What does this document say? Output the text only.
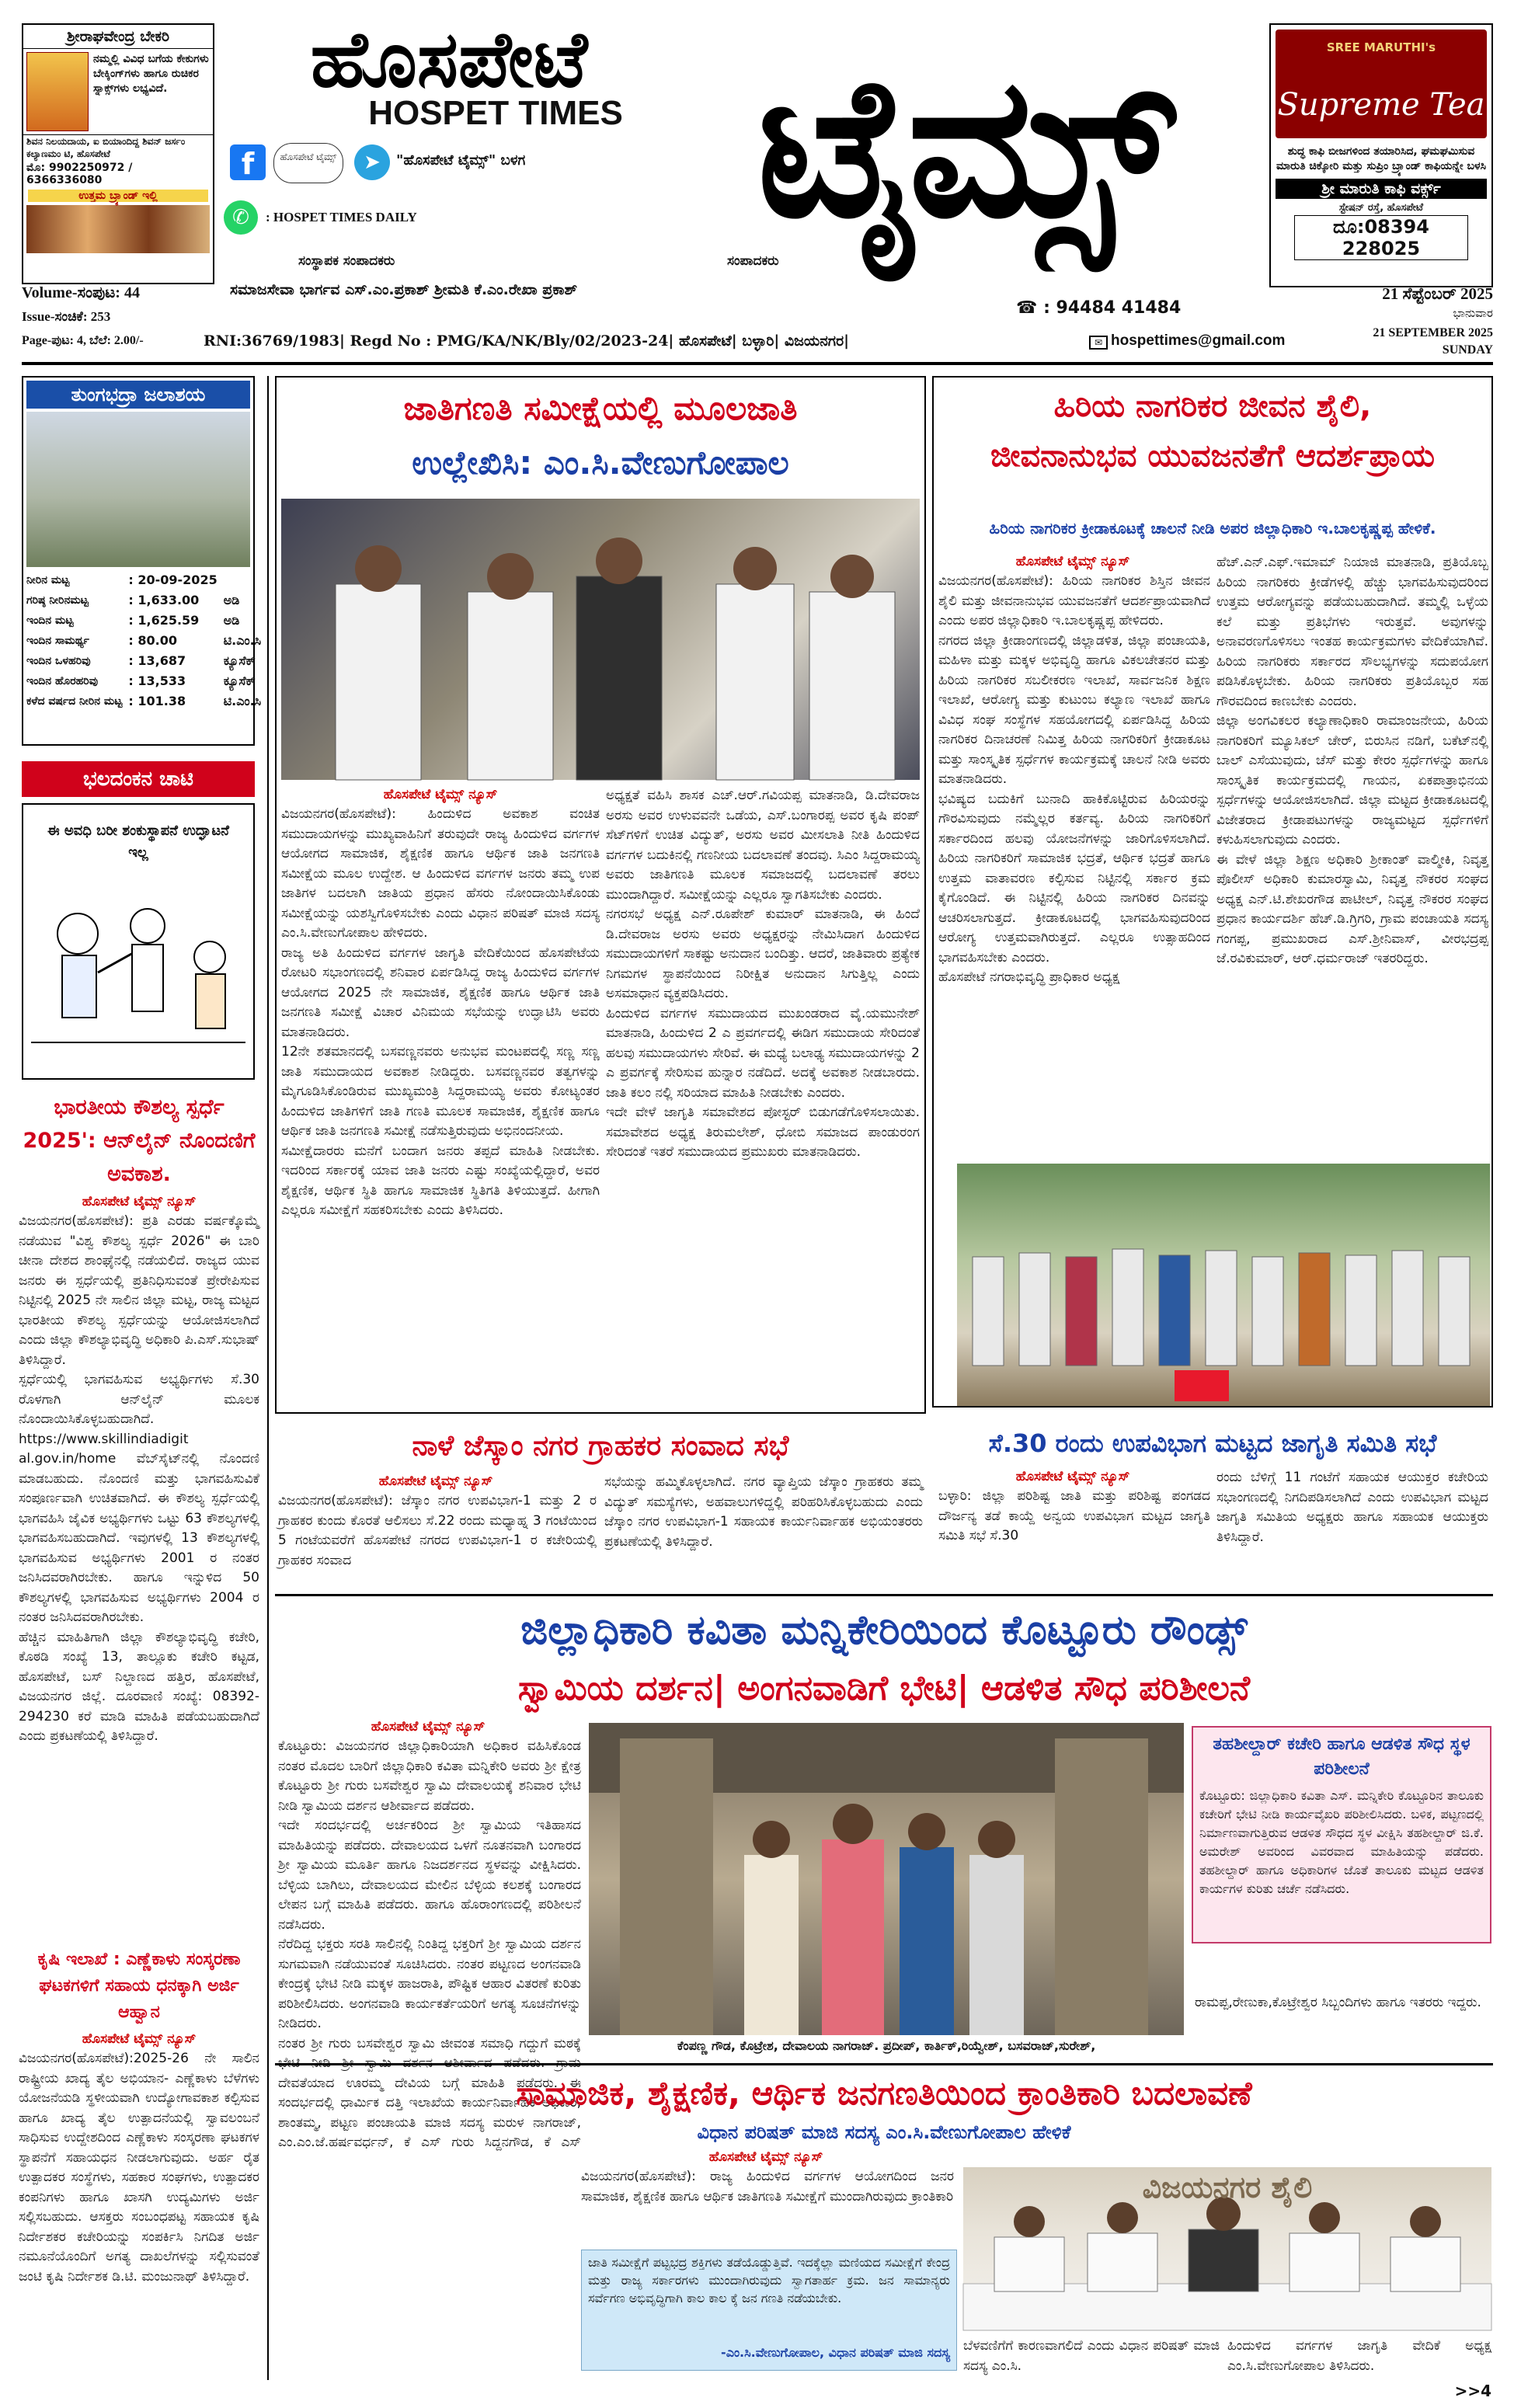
ಶ್ರೀರಾಘವೇಂದ್ರ ಬೇಕರಿ
ನಮ್ಮಲ್ಲಿ ವಿವಿಧ ಬಗೆಯ ಕೇಕುಗಳು ಬೇಕ್ಕಿಂಗ್‌ಗಳು ಹಾಗೂ ರುಚಿಕರ ಸ್ನಾಕ್ಸ್‌ಗಳು ಲಭ್ಯವಿದೆ.
ಶಿವನ ನಿಲಯದಾಯ, ಐ ಬಿಯಾಂದಿದ್ದ ಶಿವನ್ ಜರ್ಸಂ ಕಲ್ಯಾಣಮಂ ಟಿ, ಹೊಸಪೇಟೆ
ಮೊ: 9902250972 / 6366336080
ಉತ್ತಮ ಬ್ರ್ಯಾಂಡ್ ಇಲ್ಲಿ
ಹೊಸಪೇಟೆ
HOSPET TIMES
f	ಹೊಸಪೇಟೆ ಟೈಮ್ಸ್	➤	"ಹೊಸಪೇಟೆ ಟೈಮ್ಸ್" ಬಳಗ
✆	: HOSPET TIMES DAILY	ಟೈಮ್ಸ್	SREE MARUTHI's
Supreme Tea
ಶುದ್ಧ ಕಾಫಿ ಬೀಜಗಳಿಂದ ತಯಾರಿಸಿದ, ಘಮಘಮಿಸುವ ಮಾರುತಿ ಚಿಕ್ಕೋರಿ ಮತ್ತು ಸುಪ್ರಿಂ ಬ್ರ್ಯಾಂಡ್ ಕಾಫಿಯನ್ನೇ ಬಳಸಿ
ಶ್ರೀ ಮಾರುತಿ ಕಾಫಿ ವರ್ಕ್ಸ್
ಸ್ಟೇಷನ್ ರಸ್ತೆ, ಹೊಸಪೇಟೆ
ದೂ:08394 228025
ಸಂಸ್ಥಾಪಕ ಸಂಪಾದಕರು	ಸಂಪಾದಕರು
Volume-ಸಂಪುಟ: 44	ಸಮಾಜಸೇವಾ ಭಾರ್ಗವ ಎಸ್.ಎಂ.ಪ್ರಕಾಶ್ ಶ್ರೀಮತಿ ಕೆ.ಎಂ.ರೇಖಾ ಪ್ರಕಾಶ್
☎ : 94484 41484
21 ಸೆಪ್ಟೆಂಬರ್ 2025
ಭಾನುವಾರ
Issue-ಸಂಚಿಕೆ: 253
Page-ಪುಟ: 4, ಬೆಲೆ: 2.00/-	RNI:36769/1983| Regd No : PMG/KA/NK/Bly/02/2023-24| ಹೊಸಪೇಟೆ| ಬಳ್ಳಾರಿ| ವಿಜಯನಗರ|	✉ hospettimes@gmail.com	21 SEPTEMBER 2025
SUNDAY
ತುಂಗಭದ್ರಾ ಜಲಾಶಯ
ನೀರಿನ ಮಟ್ಟ	: 20-09-2025	
ಗರಿಷ್ಠ ನೀರಿನಮಟ್ಟ	: 1,633.00	ಅಡಿ
ಇಂದಿನ ಮಟ್ಟ	: 1,625.59	ಅಡಿ
ಇಂದಿನ ಸಾಮರ್ಥ್ಯ	: 80.00	ಟಿ.ಎಂ.ಸಿ
ಇಂದಿನ ಒಳಹರಿವು	: 13,687	ಕ್ಯೂಸೆಕ್
ಇಂದಿನ ಹೊರಹರಿವು	: 13,533	ಕ್ಯೂಸೆಕ್
ಕಳೆದ ವರ್ಷದ ನೀರಿನ ಮಟ್ಟ	: 101.38	ಟಿ.ಎಂ.ಸಿ
ಭಲದಂಕನ ಚಾಟಿ
ಈ ಅವಧಿ ಬರೀ ಶಂಕುಸ್ಥಾಪನೆ ಉದ್ಘಾಟನೆ ಇಲ್ಲ
ಭಾರತೀಯ ಕೌಶಲ್ಯ ಸ್ಪರ್ಧೆ 2025': ಆನ್‌ಲೈನ್ ನೊಂದಣಿಗೆ ಅವಕಾಶ.
ಹೊಸಪೇಟೆ ಟೈಮ್ಸ್ ನ್ಯೂಸ್
ವಿಜಯನಗರ(ಹೊಸಪೇಟೆ): ಪ್ರತಿ ಎರಡು ವರ್ಷಕ್ಕೊಮ್ಮೆ ನಡೆಯುವ "ವಿಶ್ವ ಕೌಶಲ್ಯ ಸ್ಪರ್ಧೆ 2026" ಈ ಬಾರಿ ಚೀನಾ ದೇಶದ ಶಾಂಘೈನಲ್ಲಿ ನಡೆಯಲಿದೆ. ರಾಜ್ಯದ ಯುವ ಜನರು ಈ ಸ್ಪರ್ಧೆಯಲ್ಲಿ ಪ್ರತಿನಿಧಿಸುವಂತೆ ಪ್ರೇರೇಪಿಸುವ ನಿಟ್ಟಿನಲ್ಲಿ 2025 ನೇ ಸಾಲಿನ ಜಿಲ್ಲಾ ಮಟ್ಟ, ರಾಜ್ಯ ಮಟ್ಟದ ಭಾರತೀಯ ಕೌಶಲ್ಯ ಸ್ಪರ್ಧೆಯನ್ನು ಆಯೋಜಿಸಲಾಗಿದೆ ಎಂದು ಜಿಲ್ಲಾ ಕೌಶಲ್ಯಾಭಿವೃದ್ಧಿ ಅಧಿಕಾರಿ ಪಿ.ಎಸ್.ಸುಭಾಷ್ ತಿಳಿಸಿದ್ದಾರೆ.
ಸ್ಪರ್ಧೆಯಲ್ಲಿ ಭಾಗವಹಿಸುವ ಅಭ್ಯರ್ಥಿಗಳು ಸೆ.30 ರೊಳಗಾಗಿ ಆನ್‌ಲೈನ್ ಮೂಲಕ ನೊಂದಾಯಿಸಿಕೊಳ್ಳಬಹುದಾಗಿದೆ. https://www.skillindiadigit al.gov.in/home ವೆಬ್‌ಸೈಟ್‌ನಲ್ಲಿ ನೊಂದಣಿ ಮಾಡಬಹುದು. ನೊಂದಣಿ ಮತ್ತು ಭಾಗವಹಿಸುವಿಕೆ ಸಂಪೂರ್ಣವಾಗಿ ಉಚಿತವಾಗಿದೆ. ಈ ಕೌಶಲ್ಯ ಸ್ಪರ್ಧೆಯಲ್ಲಿ ಭಾಗವಹಿಸಿ ಜೈವಿಕ ಅಭ್ಯರ್ಥಿಗಳು ಒಟ್ಟು 63 ಕೌಶಲ್ಯಗಳಲ್ಲಿ ಭಾಗವಹಿಸಬಹುದಾಗಿದೆ. ಇವುಗಳಲ್ಲಿ 13 ಕೌಶಲ್ಯಗಳಲ್ಲಿ ಭಾಗವಹಿಸುವ ಅಭ್ಯರ್ಥಿಗಳು 2001 ರ ನಂತರ ಜನಿಸಿದವರಾಗಿರಬೇಕು. ಹಾಗೂ ಇನ್ನುಳಿದ 50 ಕೌಶಲ್ಯಗಳಲ್ಲಿ ಭಾಗವಹಿಸುವ ಅಭ್ಯರ್ಥಿಗಳು 2004 ರ ನಂತರ ಜನಿಸಿದವರಾಗಿರಬೇಕು.
ಹೆಚ್ಚಿನ ಮಾಹಿತಿಗಾಗಿ ಜಿಲ್ಲಾ ಕೌಶಲ್ಯಾಭಿವೃದ್ಧಿ ಕಚೇರಿ, ಕೊಠಡಿ ಸಂಖ್ಯೆ 13, ತಾಲ್ಲೂಕು ಕಚೇರಿ ಕಟ್ಟಡ, ಹೊಸಪೇಟೆ, ಬಸ್ ನಿಲ್ದಾಣದ ಹತ್ತಿರ, ಹೊಸಪೇಟೆ, ವಿಜಯನಗರ ಜಿಲ್ಲೆ. ದೂರವಾಣಿ ಸಂಖ್ಯೆ: 08392-294230 ಕರೆ ಮಾಡಿ ಮಾಹಿತಿ ಪಡೆಯಬಹುದಾಗಿದೆ ಎಂದು ಪ್ರಕಟಣೆಯಲ್ಲಿ ತಿಳಿಸಿದ್ದಾರೆ.
ಕೃಷಿ ಇಲಾಖೆ : ಎಣ್ಣೆಕಾಳು ಸಂಸ್ಕರಣಾ ಘಟಕಗಳಿಗೆ ಸಹಾಯ ಧನಕ್ಕಾಗಿ ಅರ್ಜಿ ಆಹ್ವಾನ
ಹೊಸಪೇಟೆ ಟೈಮ್ಸ್ ನ್ಯೂಸ್
ವಿಜಯನಗರ(ಹೊಸಪೇಟೆ):2025-26 ನೇ ಸಾಲಿನ ರಾಷ್ಟ್ರೀಯ ಖಾದ್ಯ ತೈಲ ಅಭಿಯಾನ- ಎಣ್ಣೆಕಾಳು ಬೆಳೆಗಳು ಯೋಜನೆಯಡಿ ಸ್ಥಳೀಯವಾಗಿ ಉದ್ಯೋಗಾವಕಾಶ ಕಲ್ಪಿಸುವ ಹಾಗೂ ಖಾದ್ಯ ತೈಲ ಉತ್ಪಾದನೆಯಲ್ಲಿ ಸ್ವಾವಲಂಬನೆ ಸಾಧಿಸುವ ಉದ್ದೇಶದಿಂದ ಎಣ್ಣೆಕಾಳು ಸಂಸ್ಕರಣಾ ಘಟಕಗಳ ಸ್ಥಾಪನೆಗೆ ಸಹಾಯಧನ ನೀಡಲಾಗುವುದು. ಅರ್ಹ ರೈತ ಉತ್ಪಾದಕರ ಸಂಸ್ಥೆಗಳು, ಸಹಕಾರ ಸಂಘಗಳು, ಉತ್ಪಾದಕರ ಕಂಪನಿಗಳು ಹಾಗೂ ಖಾಸಗಿ ಉದ್ಯಮಿಗಳು ಅರ್ಜಿ ಸಲ್ಲಿಸಬಹುದು. ಆಸಕ್ತರು ಸಂಬಂಧಪಟ್ಟ ಸಹಾಯಕ ಕೃಷಿ ನಿರ್ದೇಶಕರ ಕಚೇರಿಯನ್ನು ಸಂಪರ್ಕಿಸಿ ನಿಗದಿತ ಅರ್ಜಿ ನಮೂನೆಯೊಂದಿಗೆ ಅಗತ್ಯ ದಾಖಲೆಗಳನ್ನು ಸಲ್ಲಿಸುವಂತೆ ಜಂಟಿ ಕೃಷಿ ನಿರ್ದೇಶಕ ಡಿ.ಟಿ. ಮಂಜುನಾಥ್ ತಿಳಿಸಿದ್ದಾರೆ.
ಜಾತಿಗಣತಿ ಸಮೀಕ್ಷೆಯಲ್ಲಿ ಮೂಲಜಾತಿ
ಉಲ್ಲೇಖಿಸಿ: ಎಂ.ಸಿ.ವೇಣುಗೋಪಾಲ
ಹೊಸಪೇಟೆ ಟೈಮ್ಸ್ ನ್ಯೂಸ್
ವಿಜಯನಗರ(ಹೊಸಪೇಟೆ): ಹಿಂದುಳಿದ ಅವಕಾಶ ವಂಚಿತ ಸಮುದಾಯಗಳನ್ನು ಮುಖ್ಯವಾಹಿನಿಗೆ ತರುವುದೇ ರಾಜ್ಯ ಹಿಂದುಳಿದ ವರ್ಗಗಳ ಆಯೋಗದ ಸಾಮಾಜಿಕ, ಶೈಕ್ಷಣಿಕ ಹಾಗೂ ಆರ್ಥಿಕ ಜಾತಿ ಜನಗಣತಿ ಸಮೀಕ್ಷೆಯ ಮೂಲ ಉದ್ದೇಶ. ಆ ಹಿಂದುಳಿದ ವರ್ಗಗಳ ಜನರು ತಮ್ಮ ಉಪ ಜಾತಿಗಳ ಬದಲಾಗಿ ಜಾತಿಯ ಪ್ರಧಾನ ಹೆಸರು ನೋಂದಾಯಿಸಿಕೊಂಡು ಸಮೀಕ್ಷೆಯನ್ನು ಯಶಸ್ವಿಗೊಳಿಸಬೇಕು ಎಂದು ವಿಧಾನ ಪರಿಷತ್ ಮಾಜಿ ಸದಸ್ಯ ಎಂ.ಸಿ.ವೇಣುಗೋಪಾಲ ಹೇಳಿದರು.
ರಾಜ್ಯ ಅತಿ ಹಿಂದುಳಿದ ವರ್ಗಗಳ ಜಾಗೃತಿ ವೇದಿಕೆಯಿಂದ ಹೊಸಪೇಟೆಯ ರೋಟರಿ ಸಭಾಂಗಣದಲ್ಲಿ ಶನಿವಾರ ಏರ್ಪಡಿಸಿದ್ದ ರಾಜ್ಯ ಹಿಂದುಳಿದ ವರ್ಗಗಳ ಆಯೋಗದ 2025 ನೇ ಸಾಮಾಜಿಕ, ಶೈಕ್ಷಣಿಕ ಹಾಗೂ ಆರ್ಥಿಕ ಜಾತಿ ಜನಗಣತಿ ಸಮೀಕ್ಷೆ ವಿಚಾರ ವಿನಿಮಯ ಸಭೆಯನ್ನು ಉದ್ಘಾಟಿಸಿ ಅವರು ಮಾತನಾಡಿದರು.
12ನೇ ಶತಮಾನದಲ್ಲಿ ಬಸವಣ್ಣನವರು ಅನುಭವ ಮಂಟಪದಲ್ಲಿ ಸಣ್ಣ ಸಣ್ಣ ಜಾತಿ ಸಮುದಾಯದ ಅವಕಾಶ ನೀಡಿದ್ದರು. ಬಸವಣ್ಣನವರ ತತ್ವಗಳನ್ನು ಮೈಗೂಡಿಸಿಕೊಂಡಿರುವ ಮುಖ್ಯಮಂತ್ರಿ ಸಿದ್ದರಾಮಯ್ಯ ಅವರು ಕೋಟ್ಯಂತರ ಹಿಂದುಳಿದ ಜಾತಿಗಳಿಗೆ ಜಾತಿ ಗಣತಿ ಮೂಲಕ ಸಾಮಾಜಿಕ, ಶೈಕ್ಷಣಿಕ ಹಾಗೂ ಆರ್ಥಿಕ ಜಾತಿ ಜನಗಣತಿ ಸಮೀಕ್ಷೆ ನಡೆಸುತ್ತಿರುವುದು ಅಭಿನಂದನೀಯ.
ಸಮೀಕ್ಷೆದಾರರು ಮನೆಗೆ ಬಂದಾಗ ಜನರು ತಪ್ಪದೆ ಮಾಹಿತಿ ನೀಡಬೇಕು. ಇದರಿಂದ ಸರ್ಕಾರಕ್ಕೆ ಯಾವ ಜಾತಿ ಜನರು ಎಷ್ಟು ಸಂಖ್ಯೆಯಲ್ಲಿದ್ದಾರೆ, ಅವರ ಶೈಕ್ಷಣಿಕ, ಆರ್ಥಿಕ ಸ್ಥಿತಿ ಹಾಗೂ ಸಾಮಾಜಿಕ ಸ್ಥಿತಿಗತಿ ತಿಳಿಯುತ್ತದೆ. ಹೀಗಾಗಿ ಎಲ್ಲರೂ ಸಮೀಕ್ಷೆಗೆ ಸಹಕರಿಸಬೇಕು ಎಂದು ತಿಳಿಸಿದರು.
ಅಧ್ಯಕ್ಷತೆ ವಹಿಸಿ ಶಾಸಕ ಎಚ್.ಆರ್.ಗವಿಯಪ್ಪ ಮಾತನಾಡಿ, ಡಿ.ದೇವರಾಜ ಅರಸು ಅವರ ಉಳುವವನೇ ಒಡೆಯ, ಎಸ್.ಬಂಗಾರಪ್ಪ ಅವರ ಕೃಷಿ ಪಂಪ್ ಸೆಟ್‌ಗಳಿಗೆ ಉಚಿತ ವಿದ್ಯುತ್, ಅರಸು ಅವರ ಮೀಸಲಾತಿ ನೀತಿ ಹಿಂದುಳಿದ ವರ್ಗಗಳ ಬದುಕಿನಲ್ಲಿ ಗಣನೀಯ ಬದಲಾವಣೆ ತಂದವು. ಸಿಎಂ ಸಿದ್ದರಾಮಯ್ಯ ಅವರು ಜಾತಿಗಣತಿ ಮೂಲಕ ಸಮಾಜದಲ್ಲಿ ಬದಲಾವಣೆ ತರಲು ಮುಂದಾಗಿದ್ದಾರೆ. ಸಮೀಕ್ಷೆಯನ್ನು ಎಲ್ಲರೂ ಸ್ವಾಗತಿಸಬೇಕು ಎಂದರು.
ನಗರಸಭೆ ಅಧ್ಯಕ್ಷ ಎನ್.ರೂಪೇಶ್ ಕುಮಾರ್ ಮಾತನಾಡಿ, ಈ ಹಿಂದೆ ಡಿ.ದೇವರಾಜ ಅರಸು ಅವರು ಅಧ್ಯಕ್ಷರನ್ನು ನೇಮಿಸಿದಾಗ ಹಿಂದುಳಿದ ಸಮುದಾಯಗಳಿಗೆ ಸಾಕಷ್ಟು ಅನುದಾನ ಬಂದಿತ್ತು. ಆದರೆ, ಜಾತಿವಾರು ಪ್ರತ್ಯೇಕ ನಿಗಮಗಳ ಸ್ಥಾಪನೆಯಿಂದ ನಿರೀಕ್ಷಿತ ಅನುದಾನ ಸಿಗುತ್ತಿಲ್ಲ ಎಂದು ಅಸಮಾಧಾನ ವ್ಯಕ್ತಪಡಿಸಿದರು.
ಹಿಂದುಳಿದ ವರ್ಗಗಳ ಸಮುದಾಯದ ಮುಖಂಡರಾದ ವೈ.ಯಮುನೇಶ್ ಮಾತನಾಡಿ, ಹಿಂದುಳಿದ 2 ಎ ಪ್ರವರ್ಗದಲ್ಲಿ ಈಡಿಗ ಸಮುದಾಯ ಸೇರಿದಂತೆ ಹಲವು ಸಮುದಾಯಗಳು ಸೇರಿವೆ. ಈ ಮಧ್ಯೆ ಬಲಾಢ್ಯ ಸಮುದಾಯಗಳನ್ನು 2 ಎ ಪ್ರವರ್ಗಕ್ಕೆ ಸೇರಿಸುವ ಹುನ್ನಾರ ನಡೆದಿದೆ. ಅದಕ್ಕೆ ಅವಕಾಶ ನೀಡಬಾರದು. ಜಾತಿ ಕಲಂ ನಲ್ಲಿ ಸರಿಯಾದ ಮಾಹಿತಿ ನೀಡಬೇಕು ಎಂದರು.
ಇದೇ ವೇಳೆ ಜಾಗೃತಿ ಸಮಾವೇಶದ ಪೋಸ್ಟರ್ ಬಿಡುಗಡೆಗೊಳಿಸಲಾಯಿತು. ಸಮಾವೇಶದ ಅಧ್ಯಕ್ಷ ತಿರುಮಲೇಶ್, ಧೋಬಿ ಸಮಾಜದ ಪಾಂಡುರಂಗ ಸೇರಿದಂತೆ ಇತರೆ ಸಮುದಾಯದ ಪ್ರಮುಖರು ಮಾತನಾಡಿದರು.
ಹಿರಿಯ ನಾಗರಿಕರ ಜೀವನ ಶೈಲಿ,
ಜೀವನಾನುಭವ ಯುವಜನತೆಗೆ ಆದರ್ಶಪ್ರಾಯ
ಹಿರಿಯ ನಾಗರಿಕರ ಕ್ರೀಡಾಕೂಟಕ್ಕೆ ಚಾಲನೆ ನೀಡಿ ಅಪರ ಜಿಲ್ಲಾಧಿಕಾರಿ ಇ.ಬಾಲಕೃಷ್ಣಪ್ಪ ಹೇಳಿಕೆ.
ಹೊಸಪೇಟೆ ಟೈಮ್ಸ್ ನ್ಯೂಸ್
ವಿಜಯನಗರ(ಹೊಸಪೇಟೆ): ಹಿರಿಯ ನಾಗರಿಕರ ಶಿಸ್ತಿನ ಜೀವನ ಶೈಲಿ ಮತ್ತು ಜೀವನಾನುಭವ ಯುವಜನತೆಗೆ ಆದರ್ಶಪ್ರಾಯವಾಗಿದೆ ಎಂದು ಅಪರ ಜಿಲ್ಲಾಧಿಕಾರಿ ಇ.ಬಾಲಕೃಷ್ಣಪ್ಪ ಹೇಳಿದರು.
ನಗರದ ಜಿಲ್ಲಾ ಕ್ರೀಡಾಂಗಣದಲ್ಲಿ ಜಿಲ್ಲಾಡಳಿತ, ಜಿಲ್ಲಾ ಪಂಚಾಯತಿ, ಮಹಿಳಾ ಮತ್ತು ಮಕ್ಕಳ ಅಭಿವೃದ್ಧಿ ಹಾಗೂ ವಿಕಲಚೇತನರ ಮತ್ತು ಹಿರಿಯ ನಾಗರಿಕರ ಸಬಲೀಕರಣ ಇಲಾಖೆ, ಸಾರ್ವಜನಿಕ ಶಿಕ್ಷಣ ಇಲಾಖೆ, ಆರೋಗ್ಯ ಮತ್ತು ಕುಟುಂಬ ಕಲ್ಯಾಣ ಇಲಾಖೆ ಹಾಗೂ ವಿವಿಧ ಸಂಘ ಸಂಸ್ಥೆಗಳ ಸಹಯೋಗದಲ್ಲಿ ಏರ್ಪಡಿಸಿದ್ದ ಹಿರಿಯ ನಾಗರಿಕರ ದಿನಾಚರಣೆ ನಿಮಿತ್ತ ಹಿರಿಯ ನಾಗರಿಕರಿಗೆ ಕ್ರೀಡಾಕೂಟ ಮತ್ತು ಸಾಂಸ್ಕೃತಿಕ ಸ್ಪರ್ಧೆಗಳ ಕಾರ್ಯಕ್ರಮಕ್ಕೆ ಚಾಲನೆ ನೀಡಿ ಅವರು ಮಾತನಾಡಿದರು.
ಭವಿಷ್ಯದ ಬದುಕಿಗೆ ಬುನಾದಿ ಹಾಕಿಕೊಟ್ಟಿರುವ ಹಿರಿಯರನ್ನು ಗೌರವಿಸುವುದು ನಮ್ಮೆಲ್ಲರ ಕರ್ತವ್ಯ. ಹಿರಿಯ ನಾಗರಿಕರಿಗೆ ಸರ್ಕಾರದಿಂದ ಹಲವು ಯೋಜನೆಗಳನ್ನು ಜಾರಿಗೊಳಿಸಲಾಗಿದೆ. ಹಿರಿಯ ನಾಗರಿಕರಿಗೆ ಸಾಮಾಜಿಕ ಭದ್ರತೆ, ಆರ್ಥಿಕ ಭದ್ರತೆ ಹಾಗೂ ಉತ್ತಮ ವಾತಾವರಣ ಕಲ್ಪಿಸುವ ನಿಟ್ಟಿನಲ್ಲಿ ಸರ್ಕಾರ ಕ್ರಮ ಕೈಗೊಂಡಿದೆ. ಈ ನಿಟ್ಟಿನಲ್ಲಿ ಹಿರಿಯ ನಾಗರಿಕರ ದಿನವನ್ನು ಆಚರಿಸಲಾಗುತ್ತದೆ. ಕ್ರೀಡಾಕೂಟದಲ್ಲಿ ಭಾಗವಹಿಸುವುದರಿಂದ ಆರೋಗ್ಯ ಉತ್ತಮವಾಗಿರುತ್ತದೆ. ಎಲ್ಲರೂ ಉತ್ಸಾಹದಿಂದ ಭಾಗವಹಿಸಬೇಕು ಎಂದರು.
ಹೊಸಪೇಟೆ ನಗರಾಭಿವೃದ್ಧಿ ಪ್ರಾಧಿಕಾರ ಅಧ್ಯಕ್ಷ
ಹೆಚ್.ಎನ್.ಎಫ್.ಇಮಾಮ್ ನಿಯಾಜಿ ಮಾತನಾಡಿ, ಪ್ರತಿಯೊಬ್ಬ ಹಿರಿಯ ನಾಗರಿಕರು ಕ್ರೀಡೆಗಳಲ್ಲಿ ಹೆಚ್ಚು ಭಾಗವಹಿಸುವುದರಿಂದ ಉತ್ತಮ ಆರೋಗ್ಯವನ್ನು ಪಡೆಯಬಹುದಾಗಿದೆ. ತಮ್ಮಲ್ಲಿ ಒಳ್ಳೆಯ ಕಲೆ ಮತ್ತು ಪ್ರತಿಭೆಗಳು ಇರುತ್ತವೆ. ಅವುಗಳನ್ನು ಅನಾವರಣಗೊಳಿಸಲು ಇಂತಹ ಕಾರ್ಯಕ್ರಮಗಳು ವೇದಿಕೆಯಾಗಿವೆ. ಹಿರಿಯ ನಾಗರಿಕರು ಸರ್ಕಾರದ ಸೌಲಭ್ಯಗಳನ್ನು ಸದುಪಯೋಗ ಪಡಿಸಿಕೊಳ್ಳಬೇಕು. ಹಿರಿಯ ನಾಗರಿಕರು ಪ್ರತಿಯೊಬ್ಬರ ಸಹ ಗೌರವದಿಂದ ಕಾಣಬೇಕು ಎಂದರು.
ಜಿಲ್ಲಾ ಅಂಗವಿಕಲರ ಕಲ್ಯಾಣಾಧಿಕಾರಿ ರಾಮಾಂಜನೇಯ, ಹಿರಿಯ ನಾಗರಿಕರಿಗೆ ಮ್ಯೂಸಿಕಲ್ ಚೇರ್, ಬಿರುಸಿನ ನಡಿಗೆ, ಬಕೆಟ್‌ನಲ್ಲಿ ಬಾಲ್ ಎಸೆಯುವುದು, ಚೆಸ್ ಮತ್ತು ಕೇರಂ ಸ್ಪರ್ಧೆಗಳನ್ನು ಹಾಗೂ ಸಾಂಸ್ಕೃತಿಕ ಕಾರ್ಯಕ್ರಮದಲ್ಲಿ ಗಾಯನ, ಏಕಪಾತ್ರಾಭಿನಯ ಸ್ಪರ್ಧೆಗಳನ್ನು ಆಯೋಜಿಸಲಾಗಿದೆ. ಜಿಲ್ಲಾ ಮಟ್ಟದ ಕ್ರೀಡಾಕೂಟದಲ್ಲಿ ವಿಜೇತರಾದ ಕ್ರೀಡಾಪಟುಗಳನ್ನು ರಾಜ್ಯಮಟ್ಟದ ಸ್ಪರ್ಧೆಗಳಿಗೆ ಕಳುಹಿಸಲಾಗುವುದು ಎಂದರು.
ಈ ವೇಳೆ ಜಿಲ್ಲಾ ಶಿಕ್ಷಣ ಅಧಿಕಾರಿ ಶ್ರೀಕಾಂತ್ ವಾಲ್ಮೀಕಿ, ನಿವೃತ್ತ ಪೊಲೀಸ್ ಅಧಿಕಾರಿ ಕುಮಾರಸ್ವಾಮಿ, ನಿವೃತ್ತ ನೌಕರರ ಸಂಘದ ಅಧ್ಯಕ್ಷ ಎನ್.ಟಿ.ಶೇಖರಗೌಡ ಪಾಟೀಲ್, ನಿವೃತ್ತ ನೌಕರರ ಸಂಘದ ಪ್ರಧಾನ ಕಾರ್ಯದರ್ಶಿ ಹೆಚ್.ಡಿ.ಗ್ರಿಗರಿ, ಗ್ರಾಮ ಪಂಚಾಯತಿ ಸದಸ್ಯ ಗಂಗಪ್ಪ, ಪ್ರಮುಖರಾದ ಎಸ್.ಶ್ರೀನಿವಾಸ್, ವೀರಭದ್ರಪ್ಪ ಜೆ.ರವಿಕುಮಾರ್, ಆರ್.ಧರ್ಮರಾಜ್ ಇತರರಿದ್ದರು.
ನಾಳೆ ಜೆಸ್ಕಾಂ ನಗರ ಗ್ರಾಹಕರ ಸಂವಾದ ಸಭೆ
ಹೊಸಪೇಟೆ ಟೈಮ್ಸ್ ನ್ಯೂಸ್
ವಿಜಯನಗರ(ಹೊಸಪೇಟೆ): ಜೆಸ್ಕಾಂ ನಗರ ಉಪವಿಭಾಗ-1 ಮತ್ತು 2 ರ ಗ್ರಾಹಕರ ಕುಂದು ಕೊರತೆ ಆಲಿಸಲು ಸೆ.22 ರಂದು ಮಧ್ಯಾಹ್ನ 3 ಗಂಟೆಯಿಂದ 5 ಗಂಟೆಯವರೆಗೆ ಹೊಸಪೇಟೆ ನಗರದ ಉಪವಿಭಾಗ-1 ರ ಕಚೇರಿಯಲ್ಲಿ ಗ್ರಾಹಕರ ಸಂವಾದ
ಸಭೆಯನ್ನು ಹಮ್ಮಿಕೊಳ್ಳಲಾಗಿದೆ. ನಗರ ವ್ಯಾಪ್ತಿಯ ಜೆಸ್ಕಾಂ ಗ್ರಾಹಕರು ತಮ್ಮ ವಿದ್ಯುತ್ ಸಮಸ್ಯೆಗಳು, ಅಹವಾಲುಗಳಿದ್ದಲ್ಲಿ ಪರಿಹರಿಸಿಕೊಳ್ಳಬಹುದು ಎಂದು ಜೆಸ್ಕಾಂ ನಗರ ಉಪವಿಭಾಗ-1 ಸಹಾಯಕ ಕಾರ್ಯನಿರ್ವಾಹಕ ಅಭಿಯಂತರರು ಪ್ರಕಟಣೆಯಲ್ಲಿ ತಿಳಿಸಿದ್ದಾರೆ.
ಸೆ.30 ರಂದು ಉಪವಿಭಾಗ ಮಟ್ಟದ ಜಾಗೃತಿ ಸಮಿತಿ ಸಭೆ
ಹೊಸಪೇಟೆ ಟೈಮ್ಸ್ ನ್ಯೂಸ್
ಬಳ್ಳಾರಿ: ಜಿಲ್ಲಾ ಪರಿಶಿಷ್ಟ ಜಾತಿ ಮತ್ತು ಪರಿಶಿಷ್ಟ ಪಂಗಡದ ದೌರ್ಜನ್ಯ ತಡೆ ಕಾಯ್ದೆ ಅನ್ವಯ ಉಪವಿಭಾಗ ಮಟ್ಟದ ಜಾಗೃತಿ ಸಮಿತಿ ಸಭೆ ಸೆ.30
ರಂದು ಬೆಳಿಗ್ಗೆ 11 ಗಂಟೆಗೆ ಸಹಾಯಕ ಆಯುಕ್ತರ ಕಚೇರಿಯ ಸಭಾಂಗಣದಲ್ಲಿ ನಿಗದಿಪಡಿಸಲಾಗಿದೆ ಎಂದು ಉಪವಿಭಾಗ ಮಟ್ಟದ ಜಾಗೃತಿ ಸಮಿತಿಯ ಅಧ್ಯಕ್ಷರು ಹಾಗೂ ಸಹಾಯಕ ಆಯುಕ್ತರು ತಿಳಿಸಿದ್ದಾರೆ.
ಜಿಲ್ಲಾಧಿಕಾರಿ ಕವಿತಾ ಮನ್ನಿಕೇರಿಯಿಂದ ಕೊಟ್ಟೂರು ರೌಂಡ್ಸ್
ಸ್ವಾಮಿಯ ದರ್ಶನ| ಅಂಗನವಾಡಿಗೆ ಭೇಟಿ| ಆಡಳಿತ ಸೌಧ ಪರಿಶೀಲನೆ
ಹೊಸಪೇಟೆ ಟೈಮ್ಸ್ ನ್ಯೂಸ್
ಕೊಟ್ಟೂರು: ವಿಜಯನಗರ ಜಿಲ್ಲಾಧಿಕಾರಿಯಾಗಿ ಅಧಿಕಾರ ವಹಿಸಿಕೊಂಡ ನಂತರ ಮೊದಲ ಬಾರಿಗೆ ಜಿಲ್ಲಾಧಿಕಾರಿ ಕವಿತಾ ಮನ್ನಿಕೇರಿ ಅವರು ಶ್ರೀ ಕ್ಷೇತ್ರ ಕೊಟ್ಟೂರು ಶ್ರೀ ಗುರು ಬಸವೇಶ್ವರ ಸ್ವಾಮಿ ದೇವಾಲಯಕ್ಕೆ ಶನಿವಾರ ಭೇಟಿ ನೀಡಿ ಸ್ವಾಮಿಯ ದರ್ಶನ ಆಶೀರ್ವಾದ ಪಡೆದರು.
ಇದೇ ಸಂದರ್ಭದಲ್ಲಿ ಅರ್ಚಕರಿಂದ ಶ್ರೀ ಸ್ವಾಮಿಯ ಇತಿಹಾಸದ ಮಾಹಿತಿಯನ್ನು ಪಡೆದರು. ದೇವಾಲಯದ ಒಳಗೆ ನೂತನವಾಗಿ ಬಂಗಾರದ ಶ್ರೀ ಸ್ವಾಮಿಯ ಮೂರ್ತಿ ಹಾಗೂ ನಿಜದರ್ಶನದ ಸ್ಥಳವನ್ನು ವೀಕ್ಷಿಸಿದರು. ಬೆಳ್ಳಿಯ ಬಾಗಿಲು, ದೇವಾಲಯದ ಮೇಲಿನ ಬೆಳ್ಳಿಯ ಕಲಶಕ್ಕೆ ಬಂಗಾರದ ಲೇಪನ ಬಗ್ಗೆ ಮಾಹಿತಿ ಪಡೆದರು. ಹಾಗೂ ಹೊರಾಂಗಣದಲ್ಲಿ ಪರಿಶೀಲನೆ ನಡೆಸಿದರು.
ನೆರೆದಿದ್ದ ಭಕ್ತರು ಸರತಿ ಸಾಲಿನಲ್ಲಿ ನಿಂತಿದ್ದ ಭಕ್ತರಿಗೆ ಶ್ರೀ ಸ್ವಾಮಿಯ ದರ್ಶನ ಸುಗಮವಾಗಿ ನಡೆಯುವಂತೆ ಸೂಚಿಸಿದರು. ನಂತರ ಪಟ್ಟಣದ ಅಂಗನವಾಡಿ ಕೇಂದ್ರಕ್ಕೆ ಭೇಟಿ ನೀಡಿ ಮಕ್ಕಳ ಹಾಜರಾತಿ, ಪೌಷ್ಟಿಕ ಆಹಾರ ವಿತರಣೆ ಕುರಿತು ಪರಿಶೀಲಿಸಿದರು. ಅಂಗನವಾಡಿ ಕಾರ್ಯಕರ್ತೆಯರಿಗೆ ಅಗತ್ಯ ಸೂಚನೆಗಳನ್ನು ನೀಡಿದರು.
ನಂತರ ಶ್ರೀ ಗುರು ಬಸವೇಶ್ವರ ಸ್ವಾಮಿ ಜೀವಂತ ಸಮಾಧಿ ಗದ್ದುಗೆ ಮಠಕ್ಕೆ ದೇವತೆಯಾದ ಊರಮ್ಮ ದೇವಿಯ ಬಗ್ಗೆ ಮಾಹಿತಿ ಪಡೆದರು. ಈ ಸಂದರ್ಭದಲ್ಲಿ ಧಾರ್ಮಿಕ ದತ್ತಿ ಇಲಾಖೆಯ ಕಾರ್ಯನಿರ್ವಾಹಕ ಅಧಿಕಾರಿ, ಶಾಂತಮ್ಮ, ಪಟ್ಟಣ ಪಂಚಾಯತಿ ಮಾಜಿ ಸದಸ್ಯ ಮರುಳ ನಾಗರಾಜ್, ಎಂ.ಎಂ.ಜೆ.ಹರ್ಷವರ್ಧನ್, ಕೆ ಎಸ್ ಗುರು ಸಿದ್ದನಗೌಡ, ಕೆ ಎಸ್
ಕೆಂಪಣ್ಣ ಗೌಡ, ಕೊಟ್ರೇಶ, ದೇವಾಲಯ ನಾಗರಾಜ್. ಪ್ರದೀಪ್, ಕಾರ್ತಿಕ್,ರಿಯ್ವೇಶ್, ಬಸವರಾಜ್,ಸುರೇಶ್,
ತಹಶೀಲ್ದಾರ್ ಕಚೇರಿ ಹಾಗೂ ಆಡಳಿತ ಸೌಧ ಸ್ಥಳ ಪರಿಶೀಲನೆ
ಕೊಟ್ಟೂರು: ಜಿಲ್ಲಾಧಿಕಾರಿ ಕವಿತಾ ಎಸ್. ಮನ್ನಿಕೇರಿ ಕೊಟ್ಟೂರಿನ ತಾಲೂಕು ಕಚೇರಿಗೆ ಭೇಟಿ ನೀಡಿ ಕಾರ್ಯವೈಖರಿ ಪರಿಶೀಲಿಸಿದರು. ಬಳಿಕ, ಪಟ್ಟಣದಲ್ಲಿ ನಿರ್ಮಾಣವಾಗುತ್ತಿರುವ ಆಡಳಿತ ಸೌಧದ ಸ್ಥಳ ವೀಕ್ಷಿಸಿ ತಹಶೀಲ್ದಾರ್ ಜಿ.ಕೆ. ಅಮರೇಶ್ ಅವರಿಂದ ವಿವರವಾದ ಮಾಹಿತಿಯನ್ನು ಪಡೆದರು. ತಹಶೀಲ್ದಾರ್ ಹಾಗೂ ಅಧಿಕಾರಿಗಳ ಜೊತೆ ತಾಲೂಕು ಮಟ್ಟದ ಆಡಳಿತ ಕಾರ್ಯಗಳ ಕುರಿತು ಚರ್ಚೆ ನಡೆಸಿದರು.
ರಾಮಪ್ಪ,ರೇಣುಕಾ,ಕೊಟ್ರೇಶ್ವರ ಸಿಬ್ಬಂದಿಗಳು ಹಾಗೂ ಇತರರು ಇದ್ದರು.
ಸಾಮಾಜಿಕ, ಶೈಕ್ಷಣಿಕ, ಆರ್ಥಿಕ ಜನಗಣತಿಯಿಂದ ಕ್ರಾಂತಿಕಾರಿ ಬದಲಾವಣೆ
ವಿಧಾನ ಪರಿಷತ್ ಮಾಜಿ ಸದಸ್ಯ ಎಂ.ಸಿ.ವೇಣುಗೋಪಾಲ ಹೇಳಿಕೆ
ಹೊಸಪೇಟೆ ಟೈಮ್ಸ್ ನ್ಯೂಸ್
ವಿಜಯನಗರ(ಹೊಸಪೇಟೆ): ರಾಜ್ಯ ಹಿಂದುಳಿದ ವರ್ಗಗಳ ಆಯೋಗದಿಂದ ಜನರ ಸಾಮಾಜಿಕ, ಶೈಕ್ಷಣಿಕ ಹಾಗೂ ಆರ್ಥಿಕ ಜಾತಿಗಣತಿ ಸಮೀಕ್ಷೆಗೆ ಮುಂದಾಗಿರುವುದು ಕ್ರಾಂತಿಕಾರಿ
ಜಾತಿ ಸಮೀಕ್ಷೆಗೆ ಪಟ್ಟಭದ್ರ ಶಕ್ತಿಗಳು ತಡೆಯೊಡ್ಡುತ್ತಿವೆ. ಇದಕ್ಕೆಲ್ಲಾ ಮಣಿಯದ ಸಮೀಕ್ಷೆಗೆ ಕೇಂದ್ರ ಮತ್ತು ರಾಜ್ಯ ಸರ್ಕಾರಗಳು ಮುಂದಾಗಿರುವುದು ಸ್ವಾಗತಾರ್ಹ ಕ್ರಮ. ಜನ ಸಾಮಾನ್ಯರು ಸರ್ವೆಗಣ ಅಭಿವೃದ್ಧಿಗಾಗಿ ಕಾಲ ಕಾಲ ಕ್ಕೆ ಜನ ಗಣತಿ ನಡೆಯಬೇಕು.
-ಎಂ.ಸಿ.ವೇಣುಗೋಪಾಲ, ವಿಧಾನ ಪರಿಷತ್ ಮಾಜಿ ಸದಸ್ಯ
ವಿಜಯನಗರ ಶೈಲಿ
ಬೆಳವಣಿಗೆಗೆ ಕಾರಣವಾಗಲಿದೆ ಎಂದು ವಿಧಾನ ಪರಿಷತ್ ಮಾಜಿ ಸದಸ್ಯ ಎಂ.ಸಿ.
ಹಿಂದುಳಿದ ವರ್ಗಗಳ ಜಾಗೃತಿ ವೇದಿಕೆ ಅಧ್ಯಕ್ಷ ಎಂ.ಸಿ.ವೇಣುಗೋಪಾಲ ತಿಳಿಸಿದರು.
>>4
